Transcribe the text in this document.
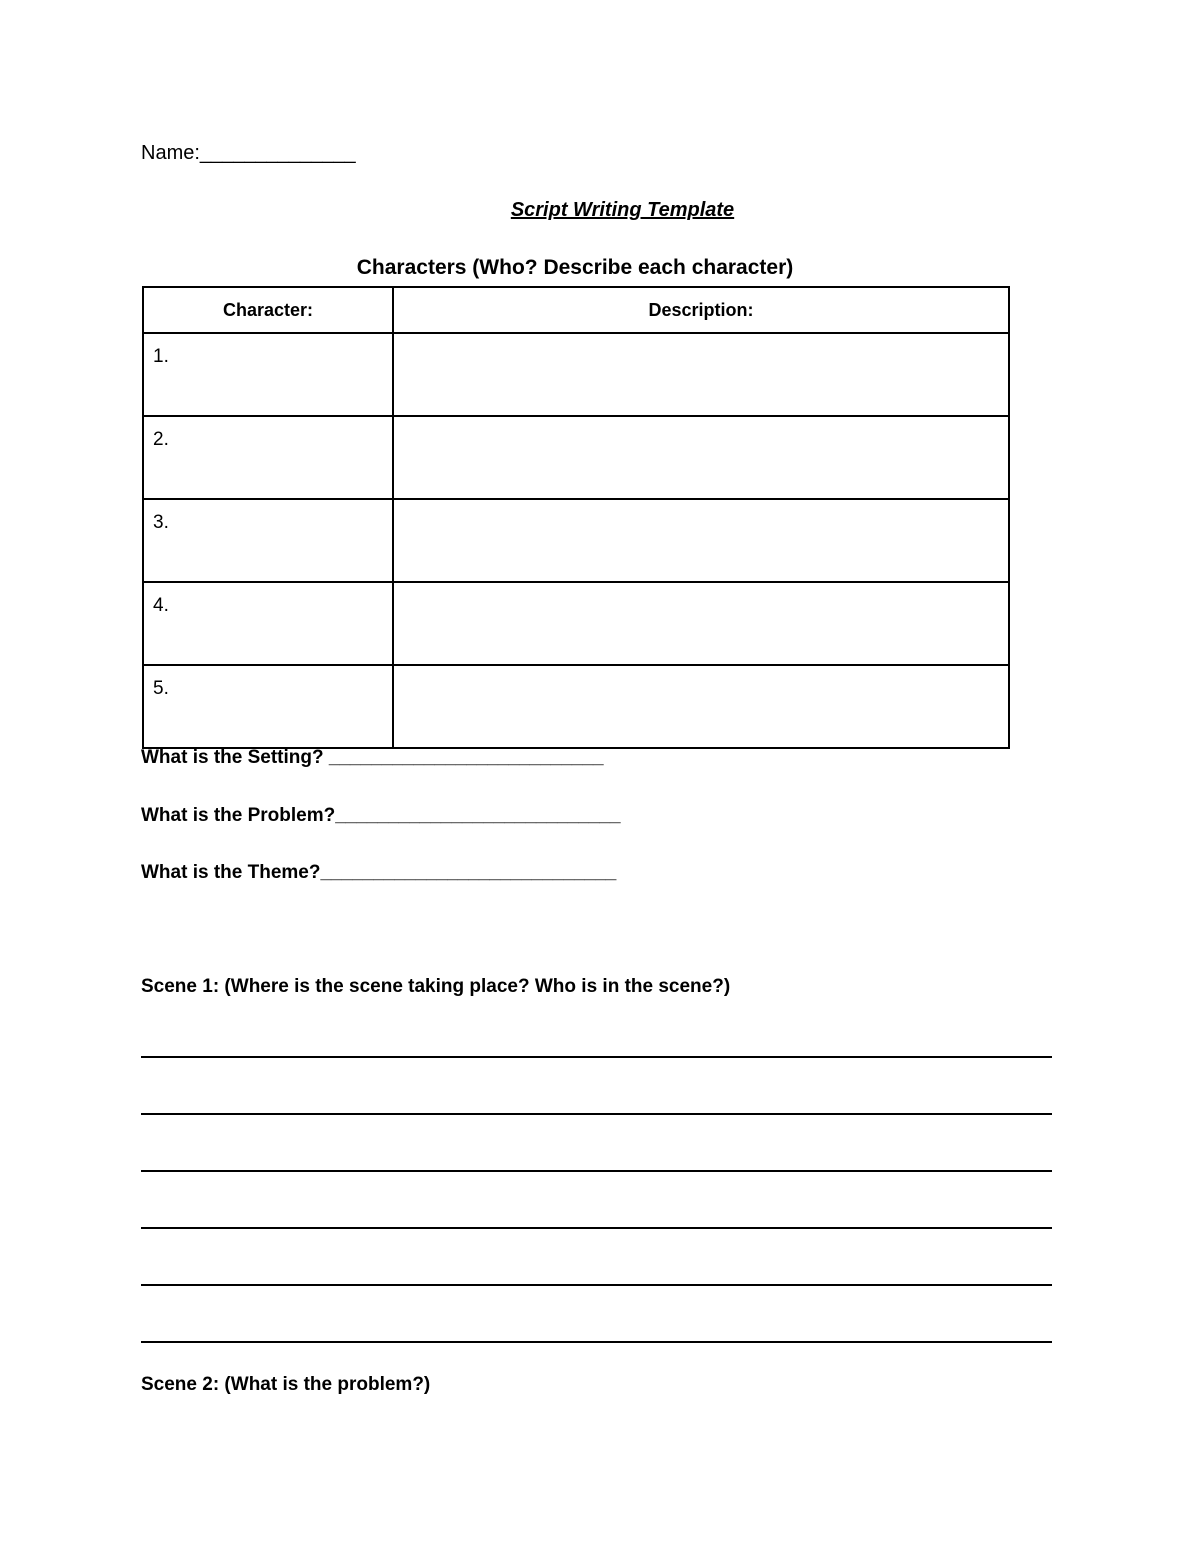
Name:______________
Script Writing Template
Characters (Who? Describe each character)
Character:	Description:
1.	
2.	
3.	
4.	
5.	
What is the Setting? __________________________
What is the Problem?___________________________
What is the Theme?____________________________
Scene 1: (Where is the scene taking place? Who is in the scene?)
Scene 2: (What is the problem?)
